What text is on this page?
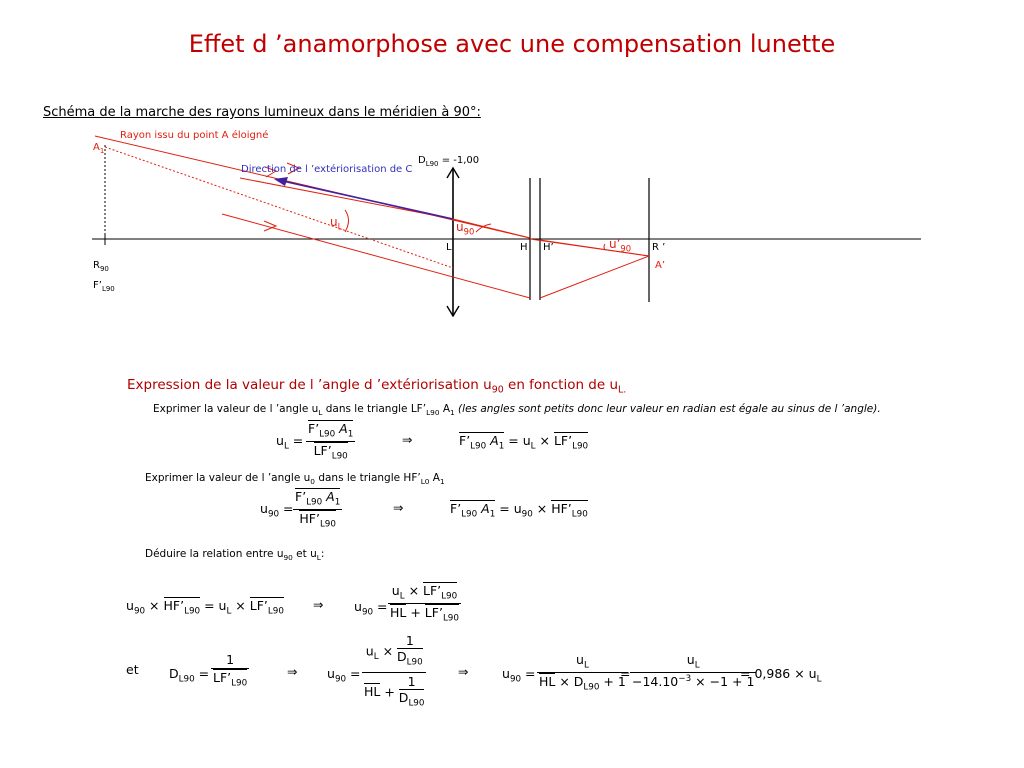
Effet d ’anamorphose avec une compensation lunette
Schéma de la marche des rayons lumineux dans le méridien à 90°:
Rayon issu du point A éloigné
$A_1$
$D_{L90} = -1,00$
Direction de l ’extériorisation de C
$u_L$	$u_{90}$
$u’_{90}$
L	H H’	R ’
A’
$R_{90}$
$F’_{L90}$
Expression de la valeur de l ’angle d ’extériorisation $u_{90}$ en fonction de $u_{L.}$
Exprimer la valeur de l ’angle $u_L$ dans le triangle $LF’_{L90}$ $A_1$ (les angles sont petits donc leur valeur en radian est égale au sinus de l ’angle).
$u_L$ =
$F’_{L90}$ $A_1$
$LF’_{L90}$
⇒	$F’_{L90}$ $A_1 = u_L$ × $LF’_{L90}$
Exprimer la valeur de l ’angle $u_0$ dans le triangle $HF’_{L0}$ $A_1$
$u_{90}$ =
$F’_{L90}$ $A_1$
$HF’_{L90}$
⇒	$F’_{L90}$ $A_1 = u_{90}$ × $HF’_{L90}$
Déduire la relation entre $u_{90}$ et $u_L$:
$u_{90}$ × $HF’_{L90} = u_L$ × $LF’_{L90}$ ⇒ $u_{90}$ =
$u_L$ × $LF’_{L90}$
HL + $LF’_{L90}$
et $D_{L90}$ =
1
$LF’_{L90}$
⇒ $u_{90}$ =
$u_L \times \frac{1}{D_{L90}}$
HL + $\frac{1}{D_{L90}}$
⇒	$u_{90}$ =
$u_L$
HL × $D_{L90} + 1$
=
$u_L$
$-14.10^{-3} \times -1 + 1$
= $0,986 \times u_L$
